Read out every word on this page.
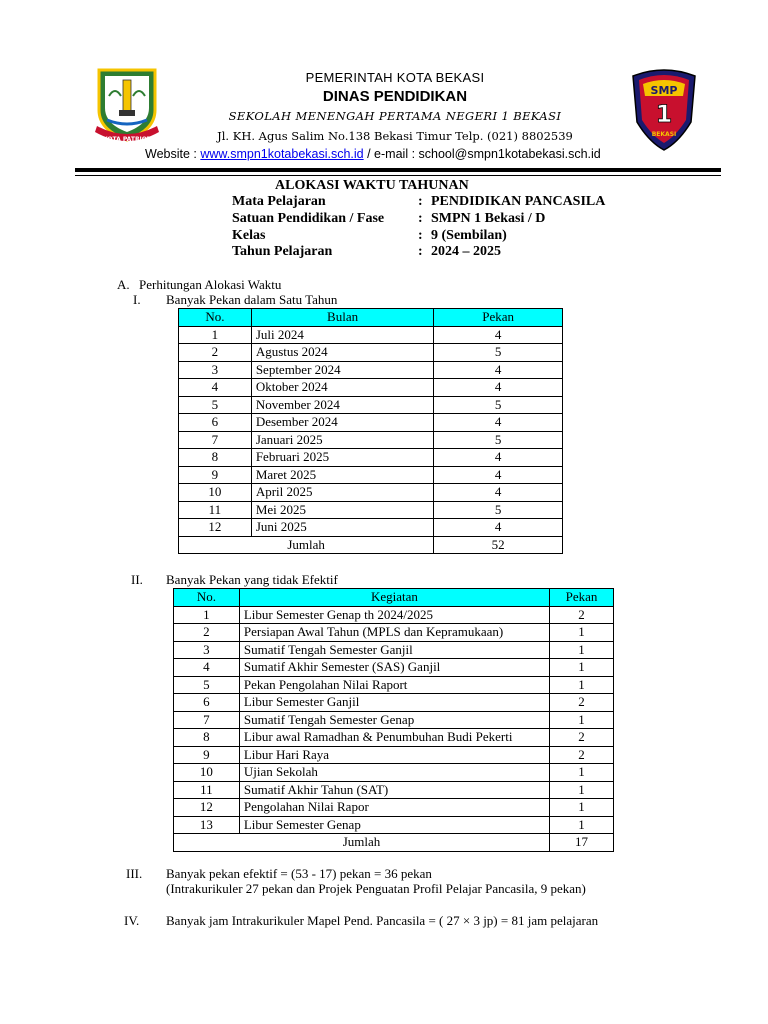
KOTA PATRIOT
SMP
1
BEKASI
PEMERINTAH KOTA BEKASI
DINAS PENDIDIKAN
SEKOLAH MENENGAH PERTAMA NEGERI 1 BEKASI
Jl. KH. Agus Salim No.138 Bekasi Timur Telp. (021) 8802539
Website : www.smpn1kotabekasi.sch.id / e-mail : school@smpn1kotabekasi.sch.id
ALOKASI WAKTU TAHUNAN
Mata Pelajaran	: PENDIDIKAN PANCASILA
Satuan Pendidikan / Fase : SMPN 1 Bekasi / D
Kelas	: 9 (Sembilan)
Tahun Pelajaran	: 2024 – 2025
A. Perhitungan Alokasi Waktu
I. Banyak Pekan dalam Satu Tahun
No.	Bulan	Pekan
1	Juli 2024	4
2	Agustus 2024	5
3	September 2024	4
4	Oktober 2024	4
5	November 2024	5
6	Desember 2024	4
7	Januari 2025	5
8	Februari 2025	4
9	Maret 2025	4
10	April 2025	4
11	Mei 2025	5
12	Juni 2025	4
Jumlah		52
II. Banyak Pekan yang tidak Efektif
No.	Kegiatan	Pekan
1	Libur Semester Genap th 2024/2025	2
2	Persiapan Awal Tahun (MPLS dan Kepramukaan)	1
3	Sumatif Tengah Semester Ganjil	1
4	Sumatif Akhir Semester (SAS) Ganjil	1
5	Pekan Pengolahan Nilai Raport	1
6	Libur Semester Ganjil	2
7	Sumatif Tengah Semester Genap	1
8	Libur awal Ramadhan & Penumbuhan Budi Pekerti	2
9	Libur Hari Raya	2
10	Ujian Sekolah	1
11	Sumatif Akhir Tahun (SAT)	1
12	Pengolahan Nilai Rapor	1
13	Libur Semester Genap	1
Jumlah		17
III. Banyak pekan efektif = (53 - 17) pekan = 36 pekan
(Intrakurikuler 27 pekan dan Projek Penguatan Profil Pelajar Pancasila, 9 pekan)
IV. Banyak jam Intrakurikuler Mapel Pend. Pancasila = ( 27 × 3 jp) = 81 jam pelajaran
